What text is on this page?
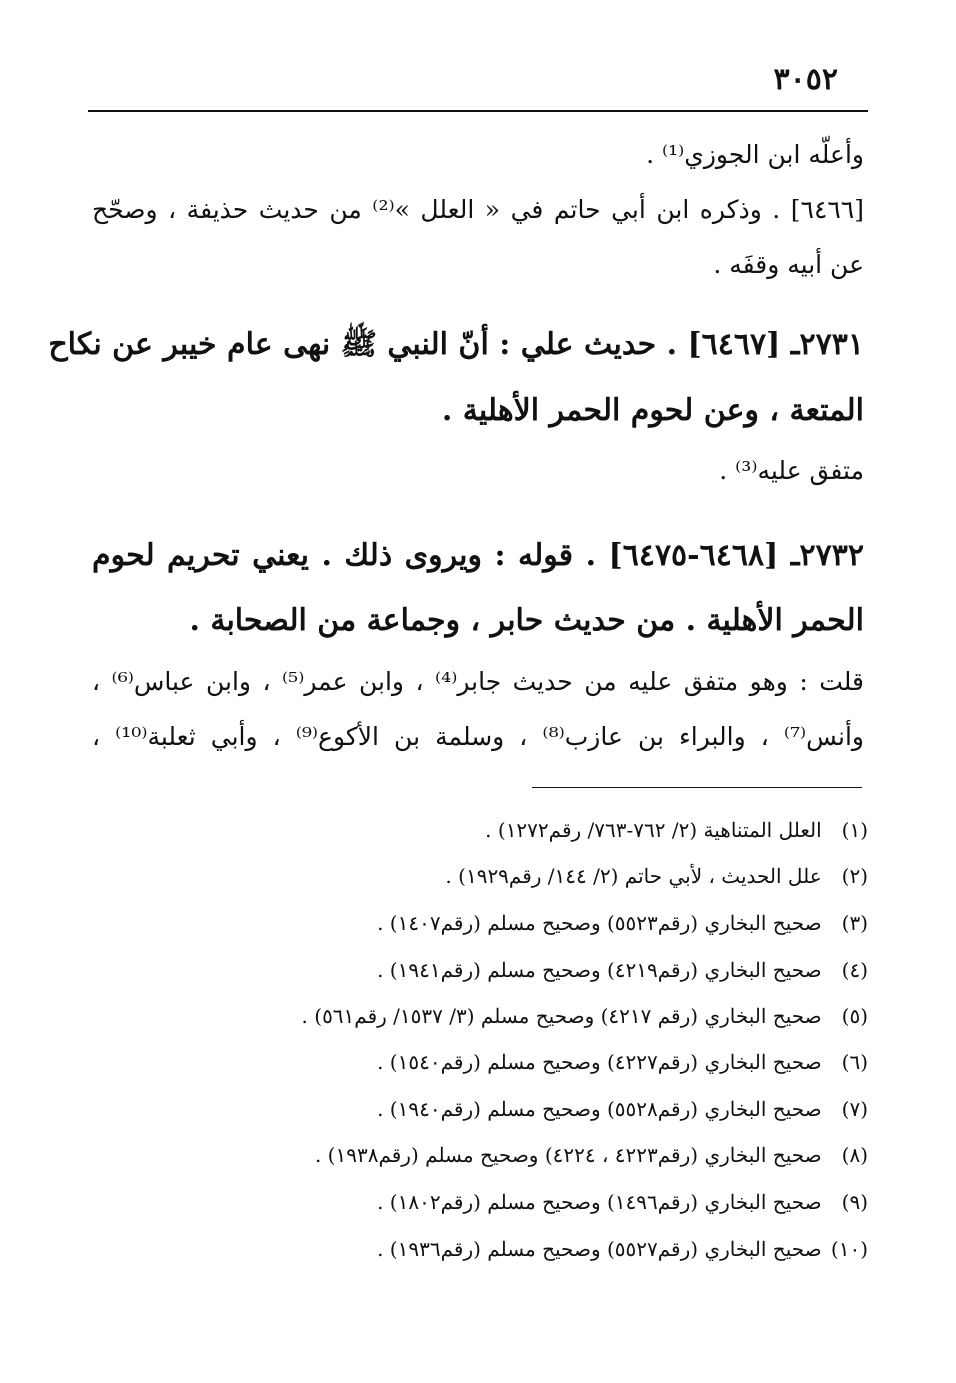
٣٠٥٢
وأعلّه ابن الجوزي⁽¹⁾ .
[٦٤٦٦] . وذكره ابن أبي حاتم في « العلل »⁽²⁾ من حديث حذيفة ، وصحّح
عن أبيه وقفَه .
٢٧٣١ـ [٦٤٦٧] . حديث علي : أنّ النبي ﷺ نهى عام خيبر عن نكاح
المتعة ، وعن لحوم الحمر الأهلية .
متفق عليه⁽³⁾ .
٢٧٣٢ـ [٦٤٦٨-٦٤٧٥] . قوله : ويروى ذلك . يعني تحريم لحوم
الحمر الأهلية . من حديث حابر ، وجماعة من الصحابة .
قلت : وهو متفق عليه من حديث جابر⁽⁴⁾ ، وابن عمر⁽⁵⁾ ، وابن عباس⁽⁶⁾ ،
وأنس⁽⁷⁾ ، والبراء بن عازب⁽⁸⁾ ، وسلمة بن الأكوع⁽⁹⁾ ، وأبي ثعلبة⁽¹⁰⁾ ،
(١) العلل المتناهية (٢/ ٧٦٢-٧٦٣/ رقم١٢٧٢) .
(٢) علل الحديث ، لأبي حاتم (٢/ ١٤٤/ رقم١٩٢٩) .
(٣) صحيح البخاري (رقم٥٥٢٣) وصحيح مسلم (رقم١٤٠٧) .
(٤) صحيح البخاري (رقم٤٢١٩) وصحيح مسلم (رقم١٩٤١) .
(٥) صحيح البخاري (رقم ٤٢١٧) وصحيح مسلم (٣/ ١٥٣٧/ رقم٥٦١) .
(٦) صحيح البخاري (رقم٤٢٢٧) وصحيح مسلم (رقم١٥٤٠) .
(٧) صحيح البخاري (رقم٥٥٢٨) وصحيح مسلم (رقم١٩٤٠) .
(٨) صحيح البخاري (رقم٤٢٢٣ ، ٤٢٢٤) وصحيح مسلم (رقم١٩٣٨) .
(٩) صحيح البخاري (رقم١٤٩٦) وصحيح مسلم (رقم١٨٠٢) .
(١٠) صحيح البخاري (رقم٥٥٢٧) وصحيح مسلم (رقم١٩٣٦) .
